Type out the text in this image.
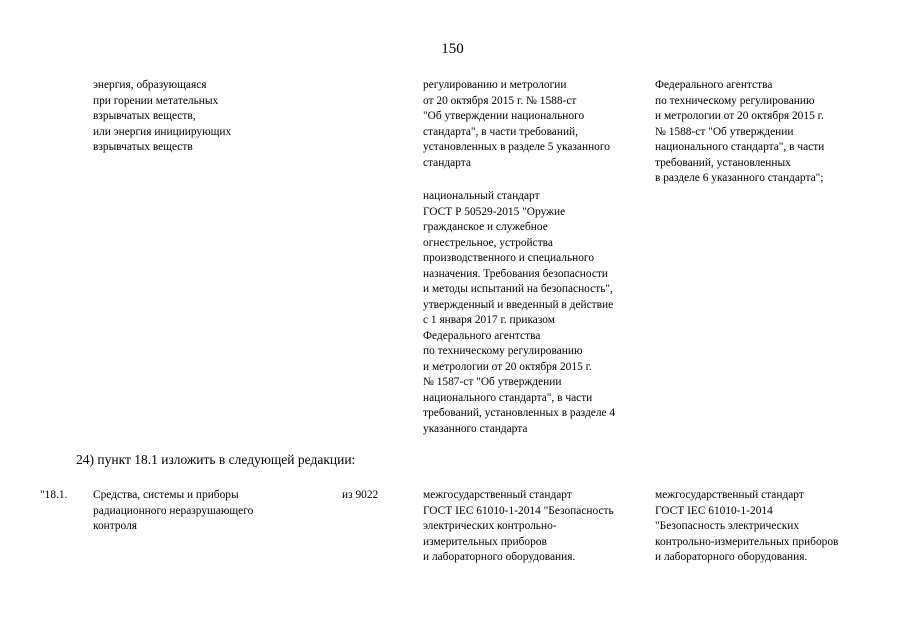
150
энергия, образующаяся
при горении метательных
взрывчатых веществ,
или энергия инициирующих
взрывчатых веществ
регулированию и метрологии
от 20 октября 2015 г. № 1588-ст
"Об утверждении национального
стандарта", в части требований,
установленных в разделе 5 указанного
стандарта
национальный стандарт
ГОСТ Р 50529-2015 "Оружие
гражданское и служебное
огнестрельное, устройства
производственного и специального
назначения. Требования безопасности
и методы испытаний на безопасность",
утвержденный и введенный в действие
с 1 января 2017 г. приказом
Федерального агентства
по техническому регулированию
и метрологии от 20 октября 2015 г.
№ 1587-ст "Об утверждении
национального стандарта", в части
требований, установленных в разделе 4
указанного стандарта
Федерального агентства
по техническому регулированию
и метрологии от 20 октября 2015 г.
№ 1588-ст "Об утверждении
национального стандарта", в части
требований, установленных
в разделе 6 указанного стандарта";
24) пункт 18.1 изложить в следующей редакции:
"18.1. Средства, системы и приборы
радиационного неразрушающего
контроля
из 9022	межгосударственный стандарт
ГОСТ IEC 61010-1-2014 "Безопасность
электрических контрольно-
измерительных приборов
и лабораторного оборудования.
межгосударственный стандарт
ГОСТ IEC 61010-1-2014
"Безопасность электрических
контрольно-измерительных приборов
и лабораторного оборудования.
